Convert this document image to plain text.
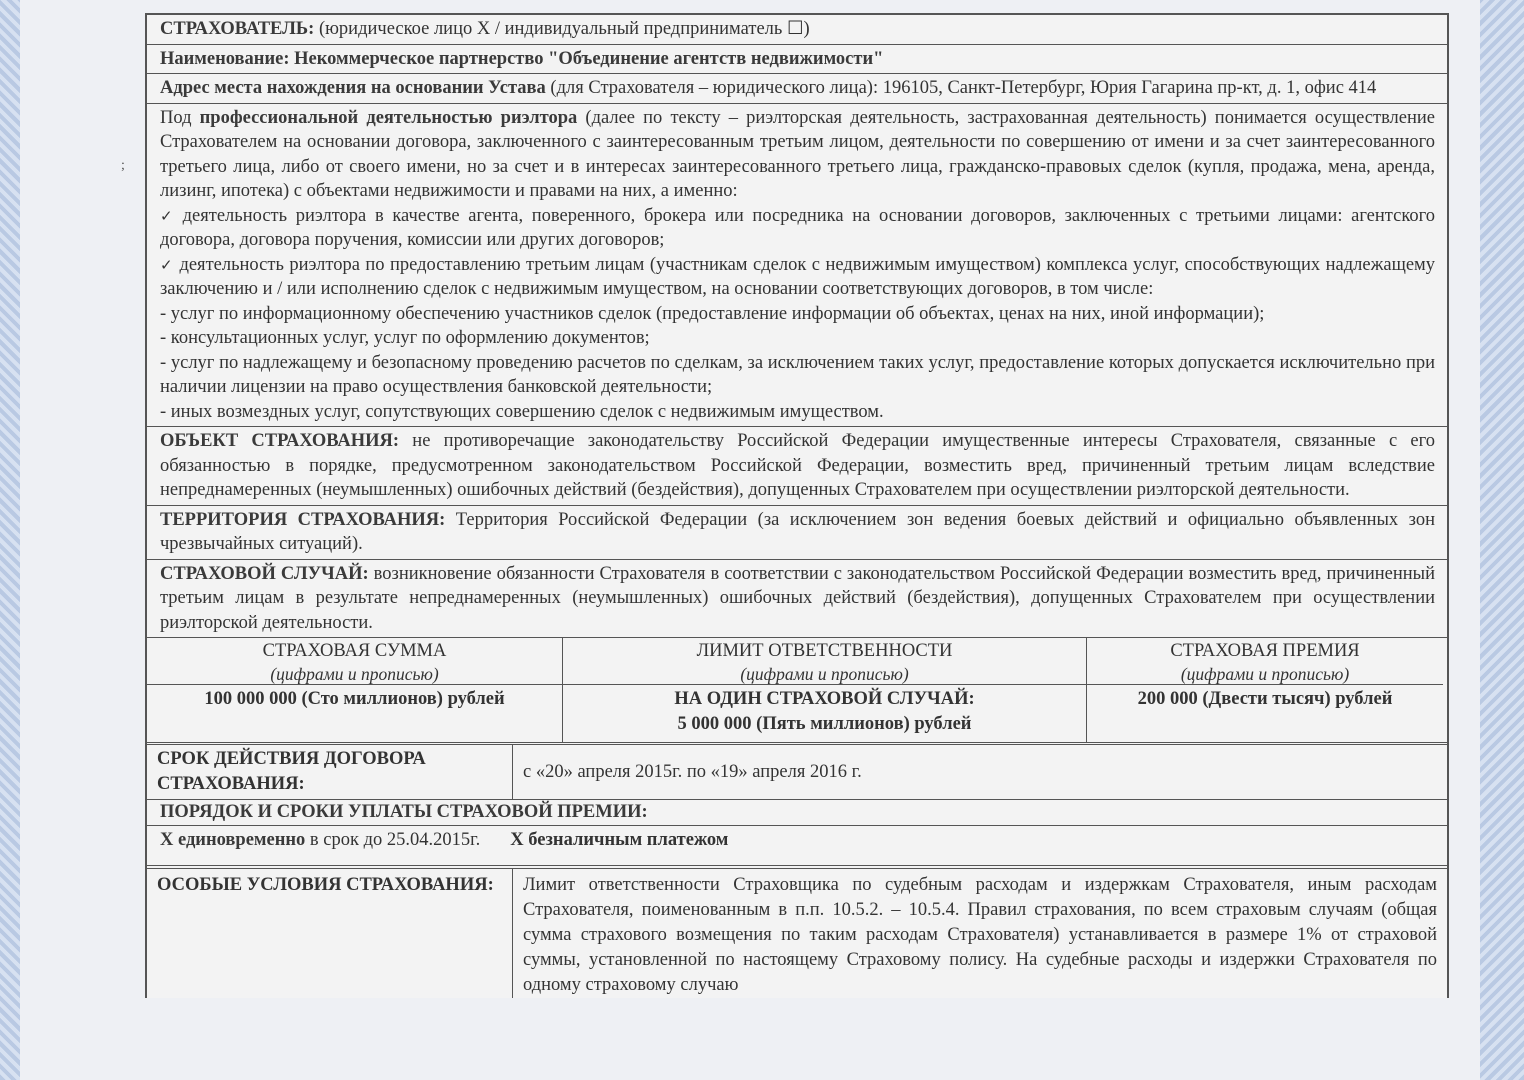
;
СТРАХОВАТЕЛЬ: (юридическое лицо Х / индивидуальный предприниматель ☐)
Наименование: Некоммерческое партнерство "Объединение агентств недвижимости"
Адрес места нахождения на основании Устава (для Страхователя – юридического лица): 196105, Санкт-Петербург, Юрия Гагарина пр-кт, д. 1, офис 414

Под профессиональной деятельностью риэлтора (далее по тексту – риэлторская деятельность, застрахованная деятельность) понимается осуществление Страхователем на основании договора, заключенного с заинтересованным третьим лицом, деятельности по совершению от имени и за счет заинтересованного третьего лица, либо от своего имени, но за счет и в интересах заинтересованного третьего лица, гражданско-правовых сделок (купля, продажа, мена, аренда, лизинг, ипотека) с объектами недвижимости и правами на них, а именно:

✓ деятельность риэлтора в качестве агента, поверенного, брокера или посредника на основании договоров, заключенных с третьими лицами: агентского договора, договора поручения, комиссии или других договоров;

✓ деятельность риэлтора по предоставлению третьим лицам (участникам сделок с недвижимым имуществом) комплекса услуг, способствующих надлежащему заключению и / или исполнению сделок с недвижимым имуществом, на основании соответствующих договоров, в том числе:

- услуг по информационному обеспечению участников сделок (предоставление информации об объектах, ценах на них, иной информации);

- консультационных услуг, услуг по оформлению документов;

- услуг по надлежащему и безопасному проведению расчетов по сделкам, за исключением таких услуг, предоставление которых допускается исключительно при наличии лицензии на право осуществления банковской деятельности;

- иных возмездных услуг, сопутствующих совершению сделок с недвижимым имуществом.

ОБЪЕКТ СТРАХОВАНИЯ: не противоречащие законодательству Российской Федерации имущественные интересы Страхователя, связанные с его обязанностью в порядке, предусмотренном законодательством Российской Федерации, возместить вред, причиненный третьим лицам вследствие непреднамеренных (неумышленных) ошибочных действий (бездействия), допущенных Страхователем при осуществлении риэлторской деятельности.
ТЕРРИТОРИЯ СТРАХОВАНИЯ: Территория Российской Федерации (за исключением зон ведения боевых действий и официально объявленных зон чрезвычайных ситуаций).
СТРАХОВОЙ СЛУЧАЙ: возникновение обязанности Страхователя в соответствии с законодательством Российской Федерации возместить вред, причиненный третьим лицам в результате непреднамеренных (неумышленных) ошибочных действий (бездействия), допущенных Страхователем при осуществлении риэлторской деятельности.
СТРАХОВАЯ СУММА
(цифрами и прописью)
100 000 000 (Сто миллионов) рублей
ЛИМИТ ОТВЕТСТВЕННОСТИ
(цифрами и прописью)
НА ОДИН СТРАХОВОЙ СЛУЧАЙ:
5 000 000 (Пять миллионов) рублей
СТРАХОВАЯ ПРЕМИЯ
(цифрами и прописью)
200 000 (Двести тысяч) рублей
СРОК ДЕЙСТВИЯ ДОГОВОРА СТРАХОВАНИЯ:
с «20» апреля 2015г. по «19» апреля 2016 г.
ПОРЯДОК И СРОКИ УПЛАТЫ СТРАХОВОЙ ПРЕМИИ:
Х единовременно в срок до 25.04.2015г. Х безналичным платежом
ОСОБЫЕ УСЛОВИЯ СТРАХОВАНИЯ:	Лимит ответственности Страховщика по судебным расходам и издержкам Страхователя, иным расходам Страхователя, поименованным в п.п. 10.5.2. – 10.5.4. Правил страхования, по всем страховым случаям (общая сумма страхового возмещения по таким расходам Страхователя) устанавливается в размере 1% от страховой суммы, установленной по настоящему Страховому полису. На судебные расходы и издержки Страхователя по одному страховому случаю
